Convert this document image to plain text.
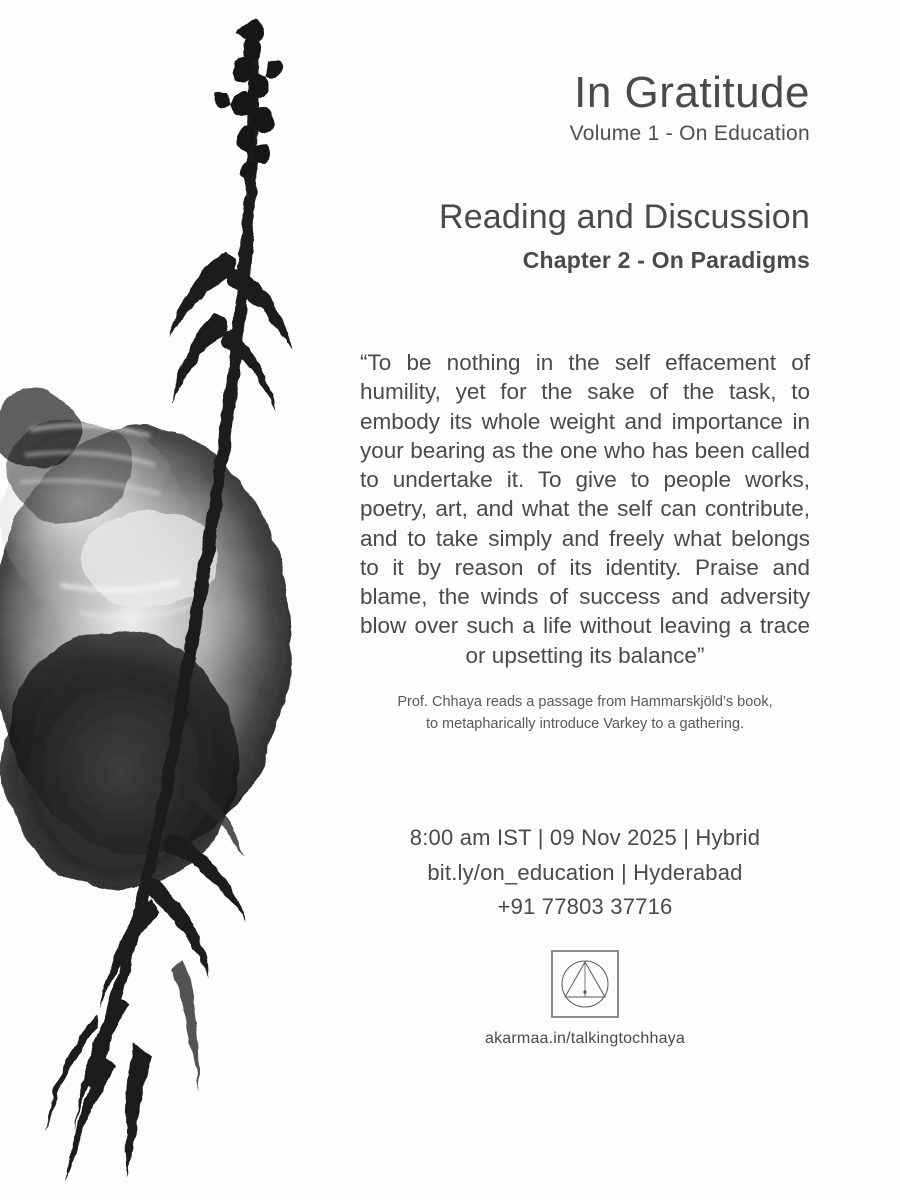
In Gratitude
Volume 1 - On Education
Reading and Discussion
Chapter 2 - On Paradigms
“To be nothing in the self effacement of humility, yet for the sake of the task, to embody its whole weight and importance in your bearing as the one who has been called to undertake it. To give to people works, poetry, art, and what the self can contribute, and to take simply and freely what belongs to it by reason of its identity. Praise and blame, the winds of success and adversity blow over such a life without leaving a trace or upsetting its balance”
Prof. Chhaya reads a passage from Hammarskjöld’s book,
to metapharically introduce Varkey to a gathering.
8:00 am IST | 09 Nov 2025 | Hybrid
bit.ly/on_education | Hyderabad
+91 77803 37716
akarmaa.in/talkingtochhaya
